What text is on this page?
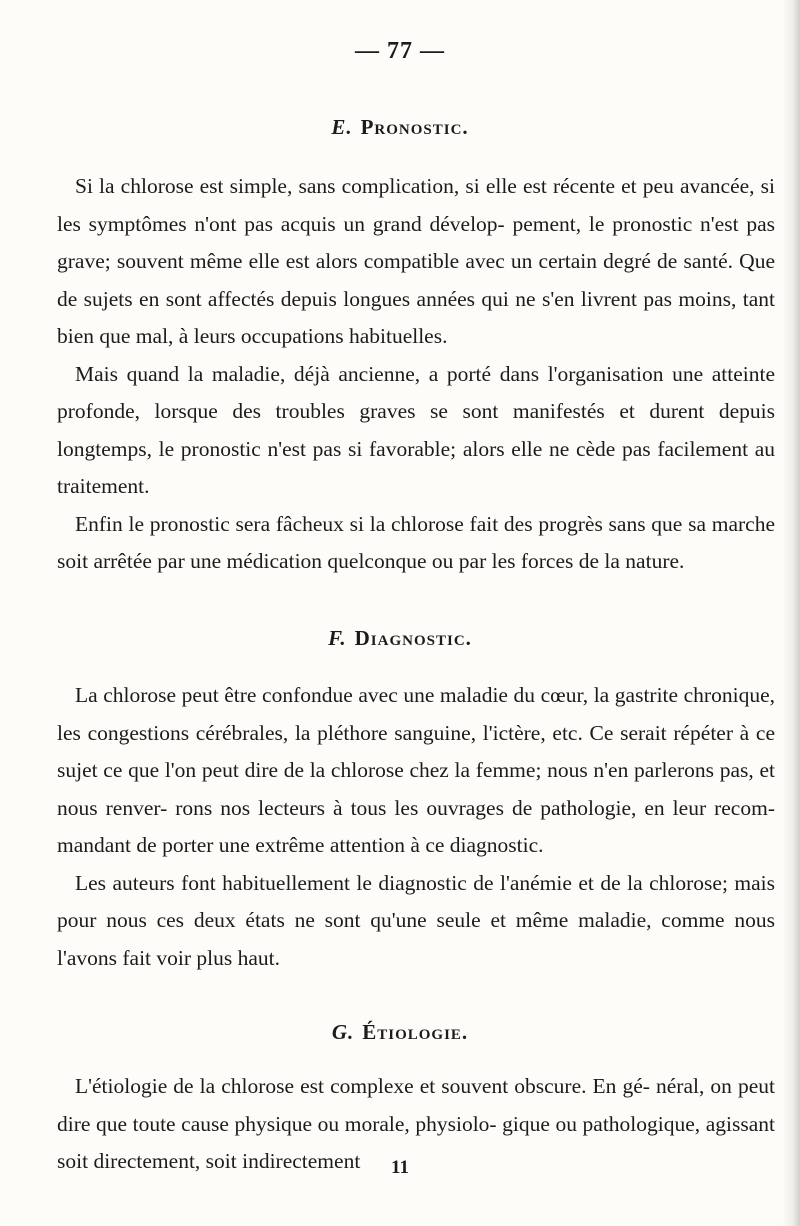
— 77 —
E. Pronostic.

Si la chlorose est simple, sans complication, si elle est récente et peu avancée, si les symptômes n'ont pas acquis un grand dévelop- pement, le pronostic n'est pas grave; souvent même elle est alors compatible avec un certain degré de santé. Que de sujets en sont affectés depuis longues années qui ne s'en livrent pas moins, tant bien que mal, à leurs occupations habituelles.

Mais quand la maladie, déjà ancienne, a porté dans l'organisation une atteinte profonde, lorsque des troubles graves se sont manifestés et durent depuis longtemps, le pronostic n'est pas si favorable; alors elle ne cède pas facilement au traitement.

Enfin le pronostic sera fâcheux si la chlorose fait des progrès sans que sa marche soit arrêtée par une médication quelconque ou par les forces de la nature.

F. Diagnostic.

La chlorose peut être confondue avec une maladie du cœur, la gastrite chronique, les congestions cérébrales, la pléthore sanguine, l'ictère, etc. Ce serait répéter à ce sujet ce que l'on peut dire de la chlorose chez la femme; nous n'en parlerons pas, et nous renver- rons nos lecteurs à tous les ouvrages de pathologie, en leur recom- mandant de porter une extrême attention à ce diagnostic.

Les auteurs font habituellement le diagnostic de l'anémie et de la chlorose; mais pour nous ces deux états ne sont qu'une seule et même maladie, comme nous l'avons fait voir plus haut.

G. Étiologie.

L'étiologie de la chlorose est complexe et souvent obscure. En gé- néral, on peut dire que toute cause physique ou morale, physiolo- gique ou pathologique, agissant soit directement, soit indirectement	11
